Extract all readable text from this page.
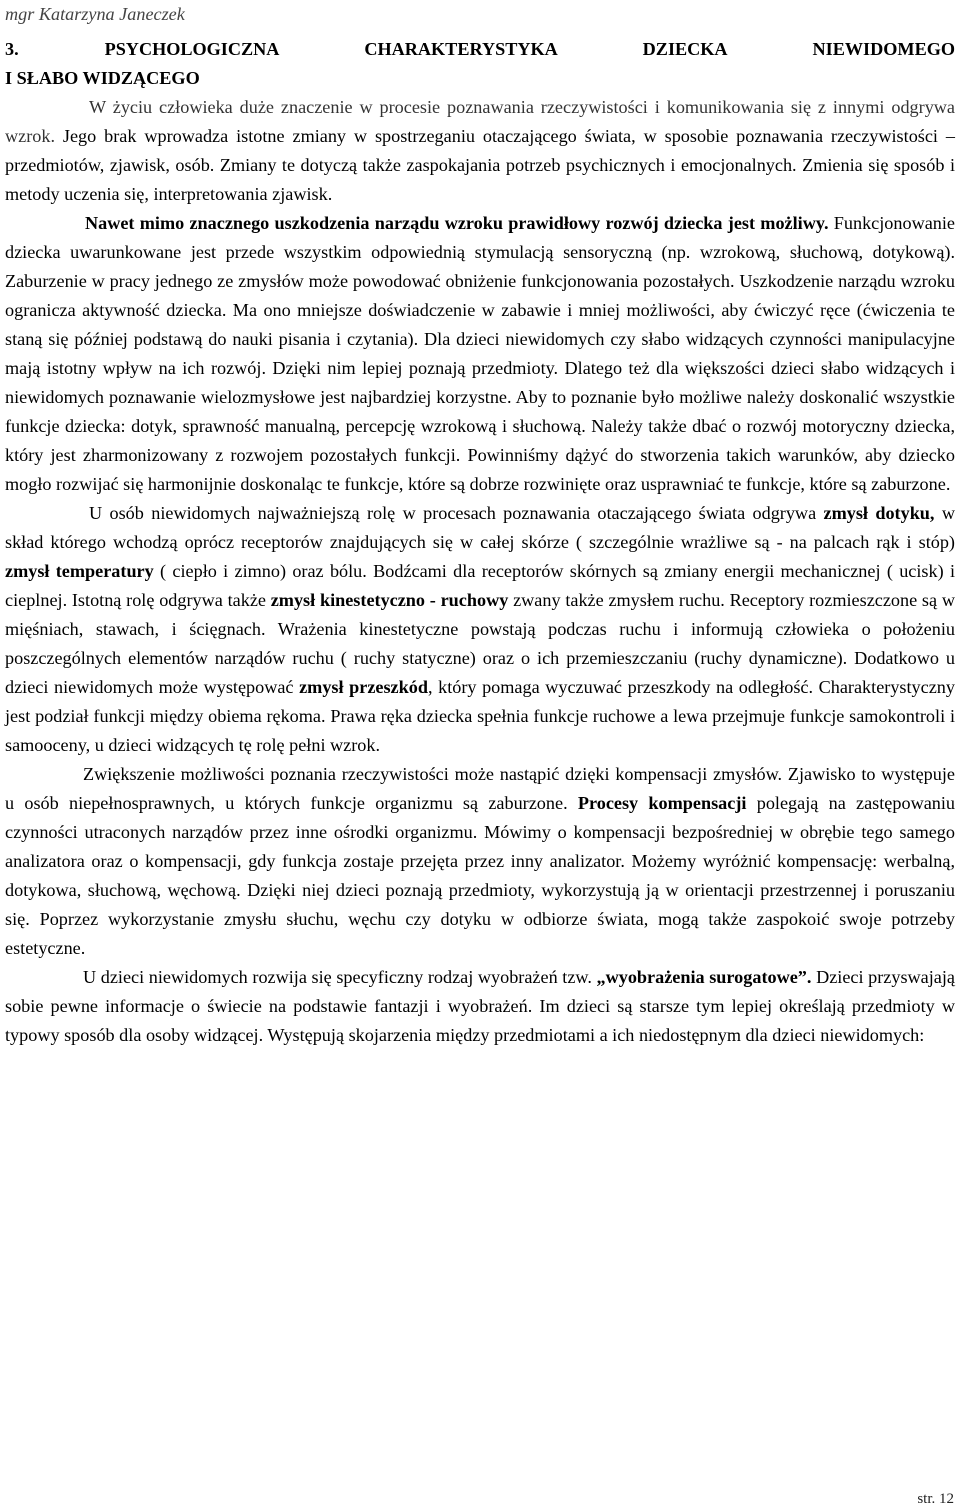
mgr Katarzyna Janeczek
3. PSYCHOLOGICZNA CHARAKTERYSTYKA DZIECKA NIEWIDOMEGO
I SŁABO WIDZĄCEGO

W życiu człowieka duże znaczenie w procesie poznawania rzeczywistości i komunikowania się z innymi odgrywa wzrok. Jego brak wprowadza istotne zmiany w spostrzeganiu otaczającego świata, w sposobie poznawania rzeczywistości – przedmiotów, zjawisk, osób. Zmiany te dotyczą także zaspokajania potrzeb psychicznych i emocjonalnych. Zmienia się sposób i metody uczenia się, interpretowania zjawisk.

Nawet mimo znacznego uszkodzenia narządu wzroku prawidłowy rozwój dziecka jest możliwy. Funkcjonowanie dziecka uwarunkowane jest przede wszystkim odpowiednią stymulacją sensoryczną (np. wzrokową, słuchową, dotykową). Zaburzenie w pracy jednego ze zmysłów może powodować obniżenie funkcjonowania pozostałych. Uszkodzenie narządu wzroku ogranicza aktywność dziecka. Ma ono mniejsze doświadczenie w zabawie i mniej możliwości, aby ćwiczyć ręce (ćwiczenia te staną się później podstawą do nauki pisania i czytania). Dla dzieci niewidomych czy słabo widzących czynności manipulacyjne mają istotny wpływ na ich rozwój. Dzięki nim lepiej poznają przedmioty. Dlatego też dla większości dzieci słabo widzących i niewidomych poznawanie wielozmysłowe jest najbardziej korzystne. Aby to poznanie było możliwe należy doskonalić wszystkie funkcje dziecka: dotyk, sprawność manualną, percepcję wzrokową i słuchową. Należy także dbać o rozwój motoryczny dziecka, który jest zharmonizowany z rozwojem pozostałych funkcji. Powinniśmy dążyć do stworzenia takich warunków, aby dziecko mogło rozwijać się harmonijnie doskonaląc te funkcje, które są dobrze rozwinięte oraz usprawniać te funkcje, które są zaburzone.

U osób niewidomych najważniejszą rolę w procesach poznawania otaczającego świata odgrywa zmysł dotyku, w skład którego wchodzą oprócz receptorów znajdujących się w całej skórze ( szczególnie wrażliwe są - na palcach rąk i stóp) zmysł temperatury ( ciepło i zimno) oraz bólu. Bodźcami dla receptorów skórnych są zmiany energii mechanicznej ( ucisk) i cieplnej. Istotną rolę odgrywa także zmysł kinestetyczno - ruchowy zwany także zmysłem ruchu. Receptory rozmieszczone są w mięśniach, stawach, i ścięgnach. Wrażenia kinestetyczne powstają podczas ruchu i informują człowieka o położeniu poszczególnych elementów narządów ruchu ( ruchy statyczne) oraz o ich przemieszczaniu (ruchy dynamiczne). Dodatkowo u dzieci niewidomych może występować zmysł przeszkód, który pomaga wyczuwać przeszkody na odległość. Charakterystyczny jest podział funkcji między obiema rękoma. Prawa ręka dziecka spełnia funkcje ruchowe a lewa przejmuje funkcje samokontroli i samooceny, u dzieci widzących tę rolę pełni wzrok.

Zwiększenie możliwości poznania rzeczywistości może nastąpić dzięki kompensacji zmysłów. Zjawisko to występuje u osób niepełnosprawnych, u których funkcje organizmu są zaburzone. Procesy kompensacji polegają na zastępowaniu czynności utraconych narządów przez inne ośrodki organizmu. Mówimy o kompensacji bezpośredniej w obrębie tego samego analizatora oraz o kompensacji, gdy funkcja zostaje przejęta przez inny analizator. Możemy wyróżnić kompensację: werbalną, dotykowa, słuchową, węchową. Dzięki niej dzieci poznają przedmioty, wykorzystują ją w orientacji przestrzennej i poruszaniu się. Poprzez wykorzystanie zmysłu słuchu, węchu czy dotyku w odbiorze świata, mogą także zaspokoić swoje potrzeby estetyczne.

U dzieci niewidomych rozwija się specyficzny rodzaj wyobrażeń tzw. „wyobrażenia surogatowe”. Dzieci przyswajają sobie pewne informacje o świecie na podstawie fantazji i wyobrażeń. Im dzieci są starsze tym lepiej określają przedmioty w typowy sposób dla osoby widzącej. Występują skojarzenia między przedmiotami a ich niedostępnym dla dzieci niewidomych:

str. 12
